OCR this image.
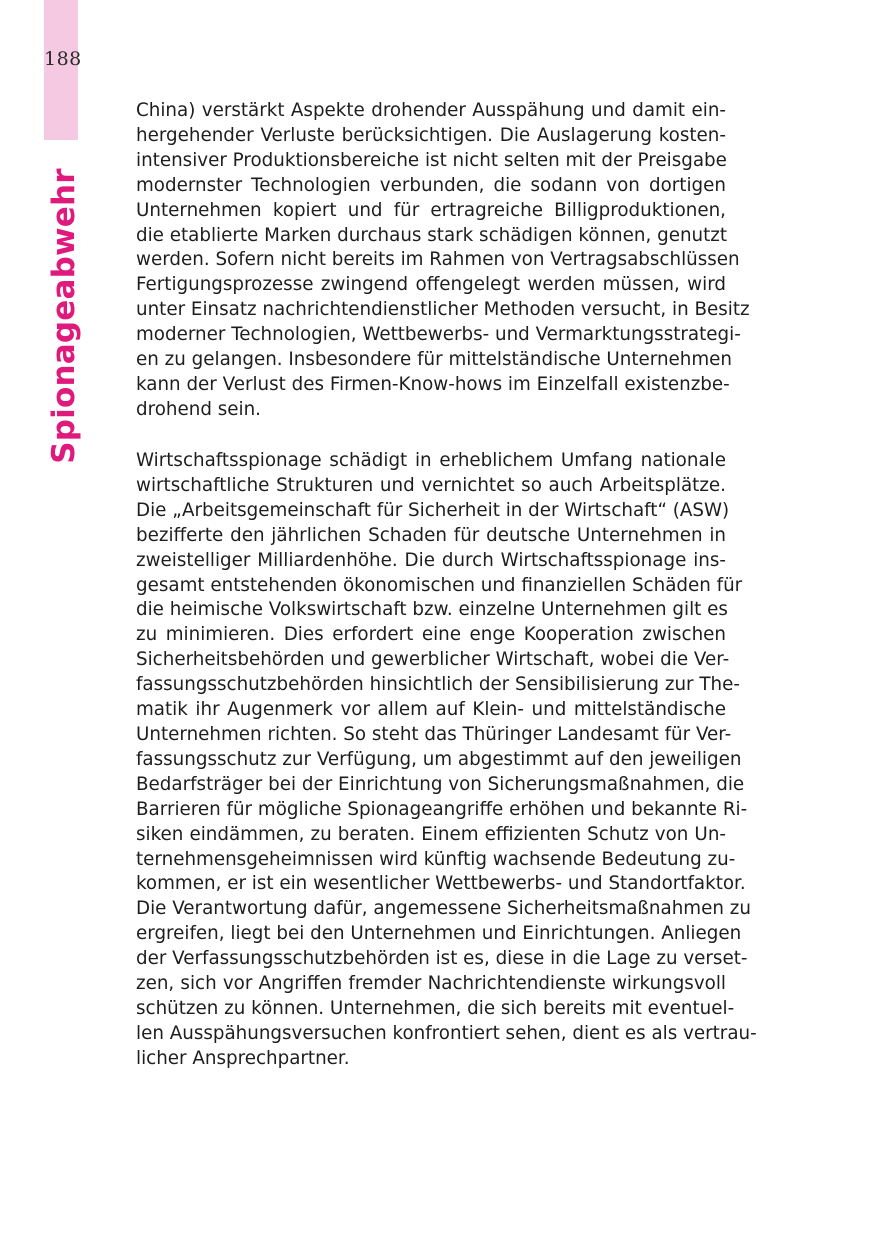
188
Spionageabwehr
China) verstärkt Aspekte drohender Ausspähung und damit ein-
hergehender Verluste berücksichtigen. Die Auslagerung kosten-
intensiver Produktionsbereiche ist nicht selten mit der Preisgabe
modernster Technologien verbunden, die sodann von dortigen
Unternehmen kopiert und für ertragreiche Billigproduktionen,
die etablierte Marken durchaus stark schädigen können, genutzt
werden. Sofern nicht bereits im Rahmen von Vertragsabschlüssen
Fertigungsprozesse zwingend offengelegt werden müssen, wird
unter Einsatz nachrichtendienstlicher Methoden versucht, in Besitz
moderner Technologien, Wettbewerbs- und Vermarktungsstrategi-
en zu gelangen. Insbesondere für mittelständische Unternehmen
kann der Verlust des Firmen-Know-hows im Einzelfall existenzbe-
drohend sein.
Wirtschaftsspionage schädigt in erheblichem Umfang nationale
wirtschaftliche Strukturen und vernichtet so auch Arbeitsplätze.
Die „Arbeitsgemeinschaft für Sicherheit in der Wirtschaft“ (ASW)
bezifferte den jährlichen Schaden für deutsche Unternehmen in
zweistelliger Milliardenhöhe. Die durch Wirtschaftsspionage ins-
gesamt entstehenden ökonomischen und finanziellen Schäden für
die heimische Volkswirtschaft bzw. einzelne Unternehmen gilt es
zu minimieren. Dies erfordert eine enge Kooperation zwischen
Sicherheitsbehörden und gewerblicher Wirtschaft, wobei die Ver-
fassungsschutzbehörden hinsichtlich der Sensibilisierung zur The-
matik ihr Augenmerk vor allem auf Klein- und mittelständische
Unternehmen richten. So steht das Thüringer Landesamt für Ver-
fassungsschutz zur Verfügung, um abgestimmt auf den jeweiligen
Bedarfsträger bei der Einrichtung von Sicherungsmaßnahmen, die
Barrieren für mögliche Spionageangriffe erhöhen und bekannte Ri-
siken eindämmen, zu beraten. Einem effizienten Schutz von Un-
ternehmensgeheimnissen wird künftig wachsende Bedeutung zu-
kommen, er ist ein wesentlicher Wettbewerbs- und Standortfaktor.
Die Verantwortung dafür, angemessene Sicherheitsmaßnahmen zu
ergreifen, liegt bei den Unternehmen und Einrichtungen. Anliegen
der Verfassungsschutzbehörden ist es, diese in die Lage zu verset-
zen, sich vor Angriffen fremder Nachrichtendienste wirkungsvoll
schützen zu können. Unternehmen, die sich bereits mit eventuel-
len Ausspähungsversuchen konfrontiert sehen, dient es als vertrau-
licher Ansprechpartner.
